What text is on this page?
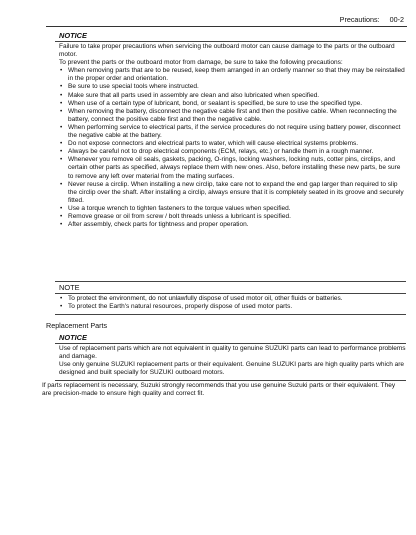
Precautions: 00-2
NOTICE
Failure to take proper precautions when servicing the outboard motor can cause damage to the parts or the outboard motor.
To prevent the parts or the outboard motor from damage, be sure to take the following precautions:
• When removing parts that are to be reused, keep them arranged in an orderly manner so that they may be reinstalled in the proper order and orientation.
• Be sure to use special tools where instructed.
• Make sure that all parts used in assembly are clean and also lubricated when specified.
• When use of a certain type of lubricant, bond, or sealant is specified, be sure to use the specified type.
• When removing the battery, disconnect the negative cable first and then the positive cable. When reconnecting the battery, connect the positive cable first and then the negative cable.
• When performing service to electrical parts, if the service procedures do not require using battery power, disconnect the negative cable at the battery.
• Do not expose connectors and electrical parts to water, which will cause electrical systems problems.
• Always be careful not to drop electrical components (ECM, relays, etc.) or handle them in a rough manner.
• Whenever you remove oil seals, gaskets, packing, O-rings, locking washers, locking nuts, cotter pins, circlips, and certain other parts as specified, always replace them with new ones. Also, before installing these new parts, be sure to remove any left over material from the mating surfaces.
• Never reuse a circlip. When installing a new circlip, take care not to expand the end gap larger than required to slip the circlip over the shaft. After installing a circlip, always ensure that it is completely seated in its groove and securely fitted.
• Use a torque wrench to tighten fasteners to the torque values when specified.
• Remove grease or oil from screw / bolt threads unless a lubricant is specified.
• After assembly, check parts for tightness and proper operation.
NOTE
• To protect the environment, do not unlawfully dispose of used motor oil, other fluids or batteries.
• To protect the Earth's natural resources, properly dispose of used motor parts.
Replacement Parts
NOTICE
Use of replacement parts which are not equivalent in quality to genuine SUZUKI parts can lead to performance problems and damage.
Use only genuine SUZUKI replacement parts or their equivalent. Genuine SUZUKI parts are high quality parts which are designed and built specially for SUZUKI outboard motors.
If parts replacement is necessary, Suzuki strongly recommends that you use genuine Suzuki parts or their equivalent. They are precision-made to ensure high quality and correct fit.
